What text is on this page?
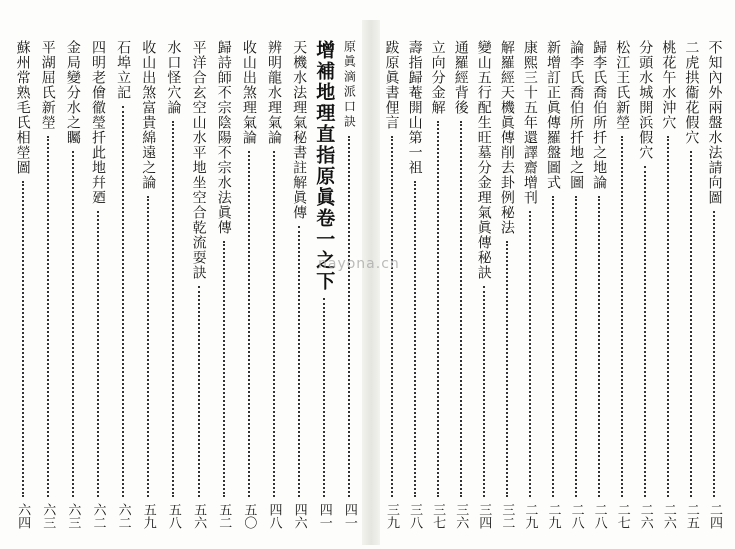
原眞滴派口訣
四一
增補地理直指原眞卷一之下
四一
天機水法理氣秘書註解眞傳
四六
辨明龍水理氣論
四八
收山出煞理氣論
五〇
歸詩師不宗陰陽不宗水法眞傳
五二
平洋合玄空山水平地坐空合乾流耍訣
五六
水口怪穴論
五八
收山出煞富貴綿遠之論
五九
石埠立記
六二
四明老儈徹瑩扦此地幷廼
六二
金局變分水之矚
六三
平湖屈氏新塋
六三
蘇州常熟毛氏相塋圖
六四
不知內外兩盤水法請向圖
二四
二虎拱衞花假穴
二五
桃花午水沖穴
二六
分頭水城開浜假穴
二六
松江王氏新塋
二七
歸李氏喬伯所扦之地論
二八
論李氏喬伯所扦地之圖
二八
新增訂正眞傳羅盤圖式
二九
康熙三十五年還譯齋增刊
二九
解羅經天機眞傳削去卦例秘法
三二
變山五行配生旺墓分金理氣眞傳秘訣
三四
通羅經背後
三六
立向分金解
三七
壽指歸菴開山第一祖
三八
跋原眞書俚言
三九
nayona.cn
